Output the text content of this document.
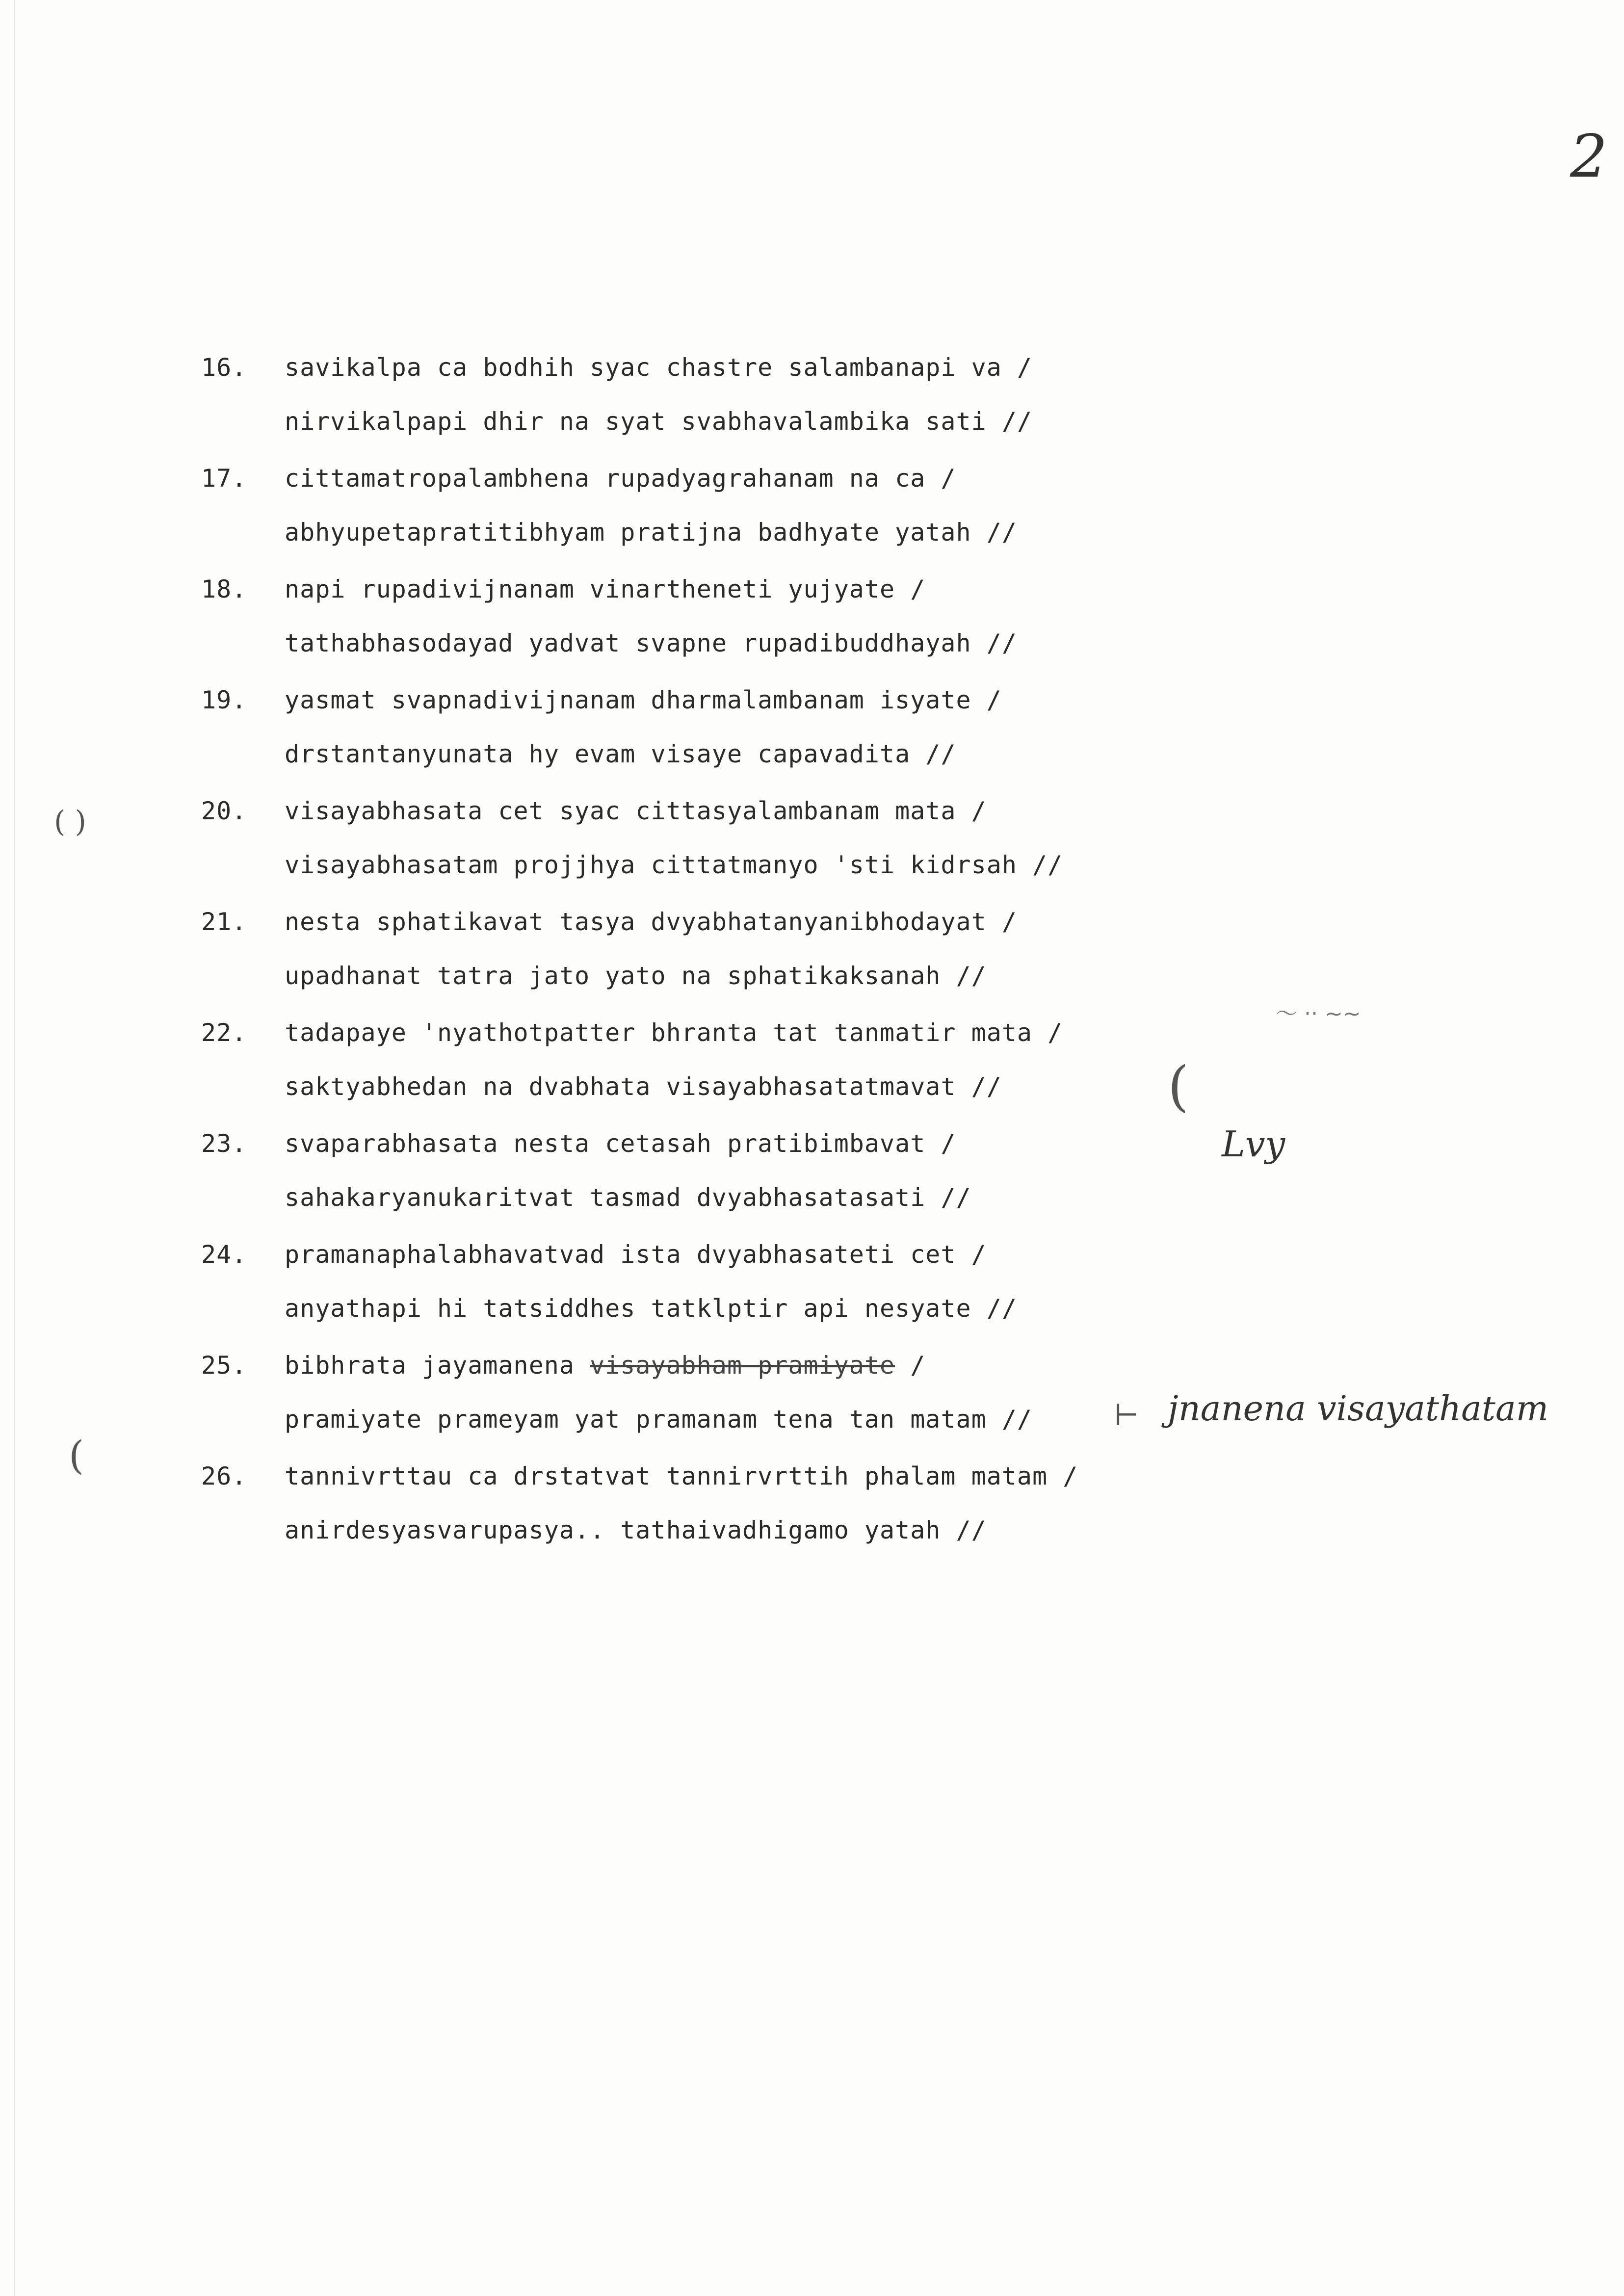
2
16. savikalpa ca bodhih syac chastre salambanapi va /
nirvikalpapi dhir na syat svabhavalambika sati //
17. cittamatropalambhena rupadyagrahanam na ca /
abhyupetapratitibhyam pratijna badhyate yatah //
18. napi rupadivijnanam vinartheneti yujyate /
tathabhasodayad yadvat svapne rupadibuddhayah //
19. yasmat svapnadivijnanam dharmalambanam isyate /
drstantanyunata hy evam visaye capavadita //
20. visayabhasata cet syac cittasyalambanam mata /
visayabhasatam projjhya cittatmanyo 'sti kidrsah //
21. nesta sphatikavat tasya dvyabhatanyanibhodayat /
upadhanat tatra jato yato na sphatikaksanah //
22. tadapaye 'nyathotpatter bhranta tat tanmatir mata /
saktyabhedan na dvabhata visayabhasatatmavat //
23. svaparabhasata nesta cetasah pratibimbavat /
sahakaryanukaritvat tasmad dvyabhasatasati //
24. pramanaphalabhavatvad ista dvyabhasateti cet /
anyathapi hi tatsiddhes tatklptir api nesyate //
25. bibhrata jayamanena visayabham pramiyate /
pramiyate prameyam yat pramanam tena tan matam //
26. tannivrttau ca drstatvat tannirvrttih phalam matam /
anirdesyasvarupasya.. tathaivadhigamo yatah //
( )
(
(
〜 ·· ~~
⊢
Lvy
jnanena visayathatam
